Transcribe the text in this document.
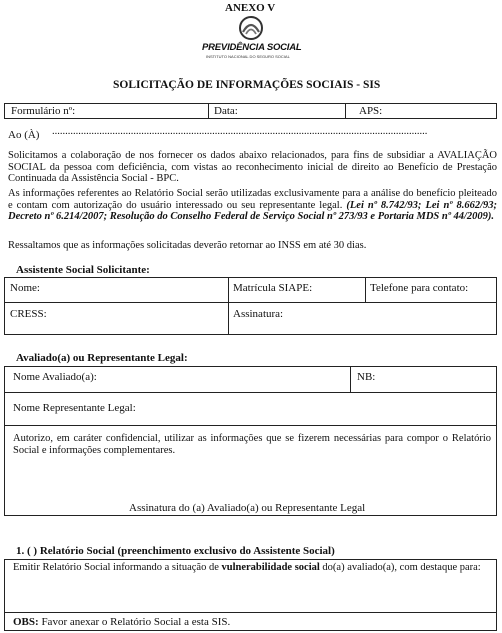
ANEXO V
PREVIDÊNCIA SOCIAL
INSTITUTO NACIONAL DO SEGURO SOCIAL
SOLICITAÇÃO DE INFORMAÇÕES SOCIAIS - SIS
Formulário nº:	Data:	APS:
Ao (À) ...............................................................................................................................................
Solicitamos a colaboração de nos fornecer os dados abaixo relacionados, para fins de subsidiar a AVALIAÇÃO SOCIAL da pessoa com deficiência, com vistas ao reconhecimento inicial de direito ao Benefício de Prestação Continuada da Assistência Social - BPC.
As informações referentes ao Relatório Social serão utilizadas exclusivamente para a análise do benefício pleiteado e contam com autorização do usuário interessado ou seu representante legal. (Lei nº 8.742/93; Lei nº 8.662/93; Decreto nº 6.214/2007; Resolução do Conselho Federal de Serviço Social nº 273/93 e Portaria MDS nº 44/2009).
Ressaltamos que as informações solicitadas deverão retornar ao INSS em até 30 dias.
Assistente Social Solicitante:
Nome:	Matrícula SIAPE:	Telefone para contato:
CRESS:	Assinatura:
Avaliado(a) ou Representante Legal:
Nome Avaliado(a):	NB:
Nome Representante Legal:
Autorizo, em caráter confidencial, utilizar as informações que se fizerem necessárias para compor o Relatório Social e informações complementares.
Assinatura do (a) Avaliado(a) ou Representante Legal
1. ( ) Relatório Social (preenchimento exclusivo do Assistente Social)
Emitir Relatório Social informando a situação de vulnerabilidade social do(a) avaliado(a), com destaque para:
OBS: Favor anexar o Relatório Social a esta SIS.
